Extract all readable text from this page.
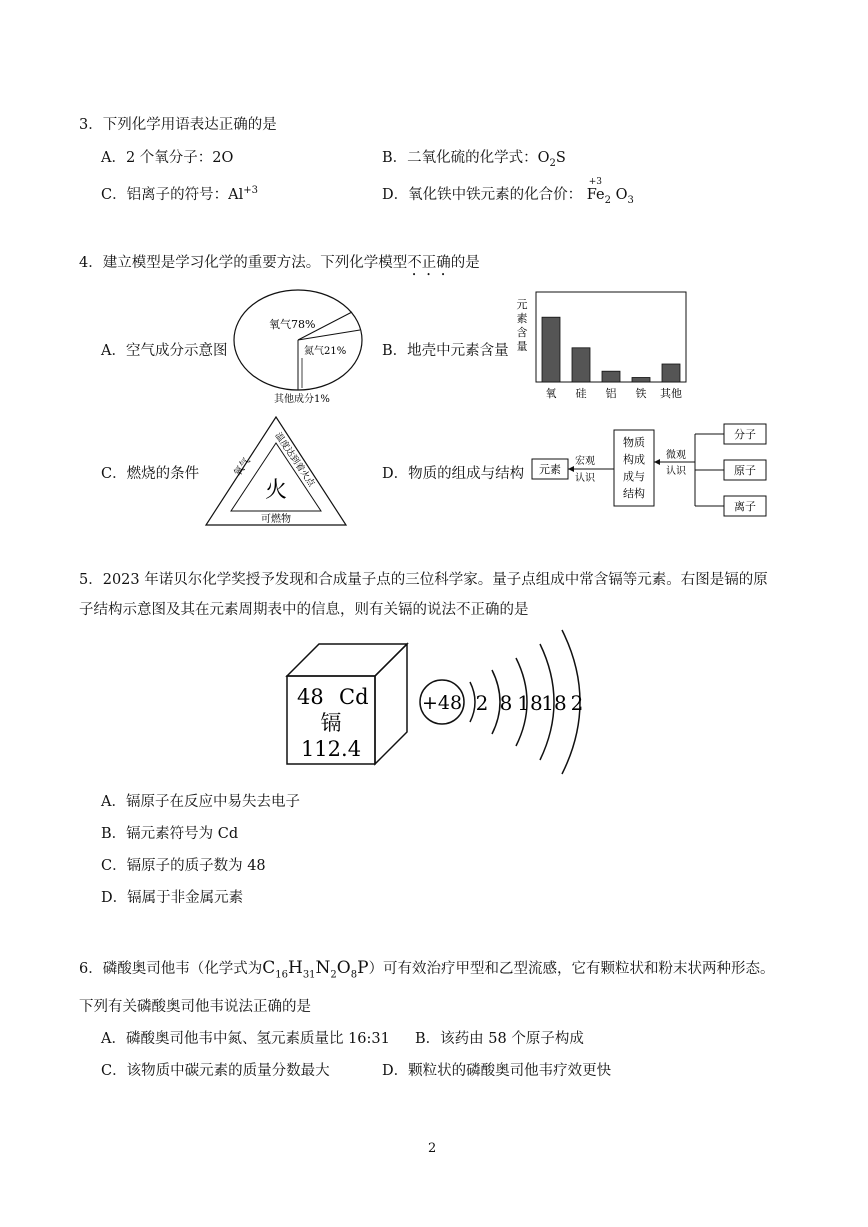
3．下列化学用语表达正确的是
A．2 个氧分子：2O	B．二氧化硫的化学式：$O_2S$
C．铝离子的符号：$Al^{+3}$	D．氧化铁中铁元素的化合价：
+3
$Fe_2$ $O_3$
4．建立模型是学习化学的重要方法。下列化学模型不正确的是
A．空气成分示意图
氧气78%
氮气21%
其他成分1%
B．地壳中元素含量
元
素
含
量
氧 硅 铝 铁 其他
C．燃烧的条件
火
氧气 温度达到着火点
可燃物
D．物质的组成与结构 元素
宏观
认识
物质
构成
成与
结构
微观
认识
分子
原子
离子
5．2023 年诺贝尔化学奖授予发现和合成量子点的三位科学家。量子点组成中常含镉等元素。右图是镉的原
子结构示意图及其在元素周期表中的信息，则有关镉的说法不正确的是
48 Cd
镉
112.4
+48 2 8 18
18 2
A．镉原子在反应中易失去电子
B．镉元素符号为 Cd
C．镉原子的质子数为 48
D．镉属于非金属元素
6．磷酸奥司他韦（化学式为$C_{16}H_{31}N_2O_8P$）可有效治疗甲型和乙型流感，它有颗粒状和粉末状两种形态。
下列有关磷酸奥司他韦说法正确的是
A．磷酸奥司他韦中氮、氢元素质量比 16:31 B．该药由 58 个原子构成
C．该物质中碳元素的质量分数最大	D．颗粒状的磷酸奥司他韦疗效更快
2
